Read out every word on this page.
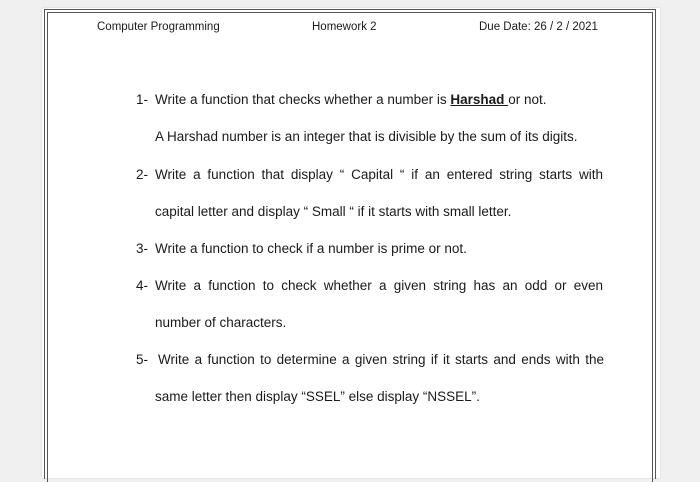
Computer Programming	Homework 2	Due Date: 26 / 2 / 2021
1- Write a function that checks whether a number is Harshad or not.
A Harshad number is an integer that is divisible by the sum of its digits.
2- Write a function that display “ Capital “ if an entered string starts with
capital letter and display “ Small “ if it starts with small letter.
3- Write a function to check if a number is prime or not.
4- Write a function to check whether a given string has an odd or even
number of characters.
5- Write a function to determine a given string if it starts and ends with the
same letter then display “SSEL” else display “NSSEL”.
